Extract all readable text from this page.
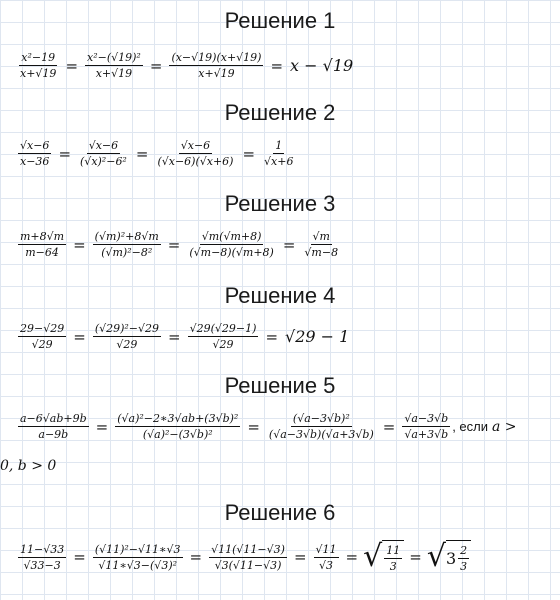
Решение 1
$\frac{\text{x²−19}}{x+√19} = \frac{\text{x²−(√19)²}}{x+√19} = \frac{(x-√19)(x+√19)}{x+√19} = x - √19$
Решение 2
$\frac{√x-6}{x-36} = \frac{√x-6}{\text{(√x)²−6²}} = \frac{√x-6}{(√x-6)(√x+6)} = \frac{1}{√x+6}$
Решение 3
$\frac{m+8√m}{m-64} = \frac{\text{(√m)²+8√m}}{\text{(√m)²−8²}} = \frac{√m(√m+8)}{(√m-8)(√m+8)} = \frac{√m}{√m-8}$
Решение 4
$\frac{29-√29}{√29} = \frac{\text{(√29)²−√29}}{√29} = \frac{√29(√29-1)}{√29} = √29 - 1$
Решение 5
$\frac{a-6√ab+9b}{a-9b} = \frac{\text{(√a)²−2∗3√ab+(3√b)²}}{\text{(√a)²−(3√b)²}} = \frac{\text{(√a−3√b)²}}{(√a-3√b)(√a+3√b)} = \frac{√a-3√b}{√a+3√b}$ , если a >
0, b > 0
Решение 6
$\frac{11-√33}{√33-3} = \frac{\text{(√11)²−√11∗√3}}{\text{√11∗√3−(√3)²}} = \frac{√11(√11-√3)}{√3(√11-√3)} = \frac{√11}{√3}$ = √ $\frac{11}{3}$ = √ $3 \frac{2}{3}$
